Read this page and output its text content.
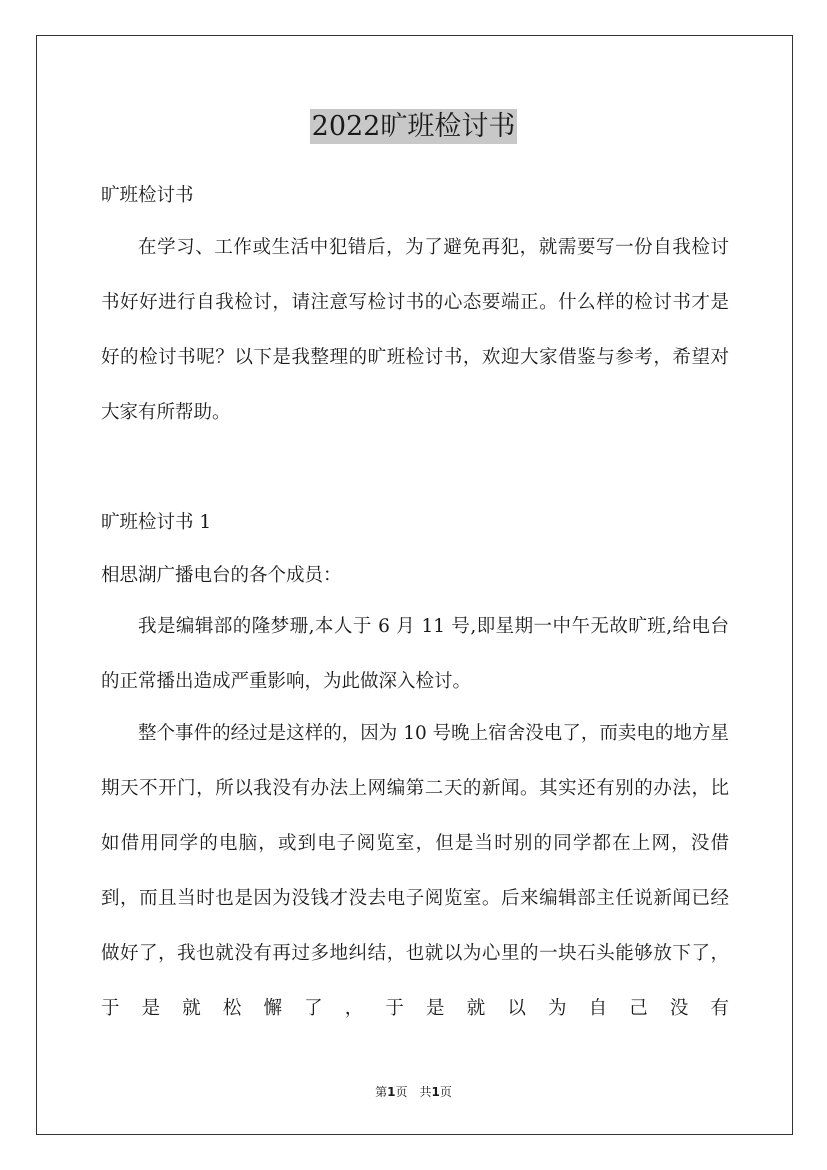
2022旷班检讨书
旷班检讨书
在学习、工作或生活中犯错后，为了避免再犯，就需要写一份自我检讨书好好进行自我检讨，请注意写检讨书的心态要端正。什么样的检讨书才是好的检讨书呢？以下是我整理的旷班检讨书，欢迎大家借鉴与参考，希望对大家有所帮助。
旷班检讨书 1
相思湖广播电台的各个成员：
我是编辑部的隆梦珊,本人于 6 月 11 号,即星期一中午无故旷班,给电台的正常播出造成严重影响，为此做深入检讨。
整个事件的经过是这样的，因为 10 号晚上宿舍没电了，而卖电的地方星期天不开门，所以我没有办法上网编第二天的新闻。其实还有别的办法，比如借用同学的电脑，或到电子阅览室，但是当时别的同学都在上网，没借到，而且当时也是因为没钱才没去电子阅览室。后来编辑部主任说新闻已经做好了，我也就没有再过多地纠结，也就以为心里的一块石头能够放下了，于是就松懈了，于是就以为自己没有
第1页　共1页
